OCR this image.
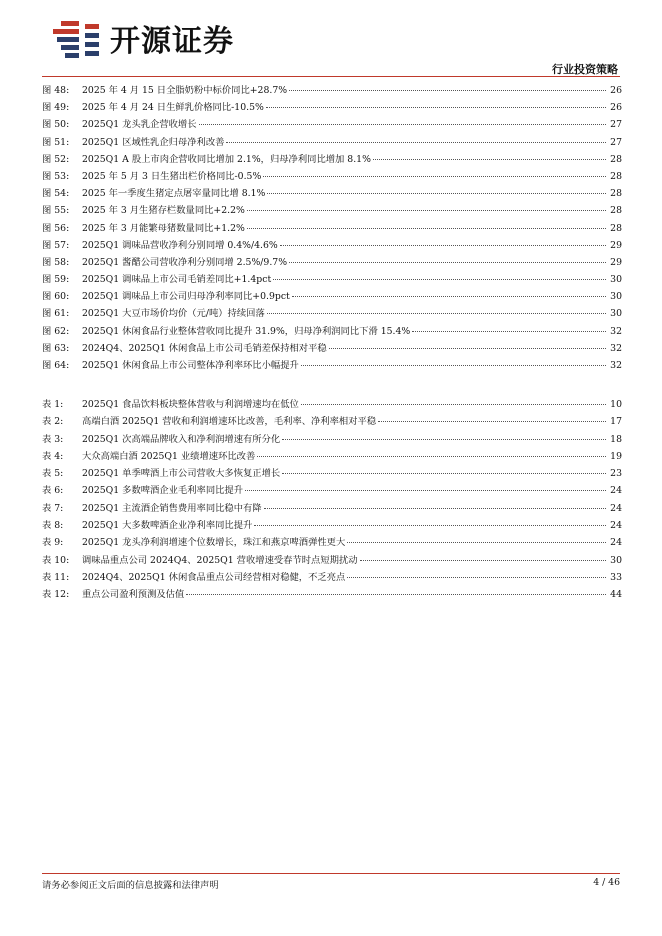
开源证券
行业投资策略
图 48:	2025 年 4 月 15 日全脂奶粉中标价同比+28.7%	26
图 49:	2025 年 4 月 24 日生鲜乳价格同比-10.5%	26
图 50:	2025Q1 龙头乳企营收增长	27
图 51:	2025Q1 区域性乳企归母净利改善	27
图 52:	2025Q1 A 股上市肉企营收同比增加 2.1%，归母净利同比增加 8.1%	28
图 53:	2025 年 5 月 3 日生猪出栏价格同比-0.5%	28
图 54:	2025 年一季度生猪定点屠宰量同比增 8.1%	28
图 55:	2025 年 3 月生猪存栏数量同比+2.2%	28
图 56:	2025 年 3 月能繁母猪数量同比+1.2%	28
图 57:	2025Q1 调味品营收净利分别同增 0.4%/4.6%	29
图 58:	2025Q1 酱醋公司营收净利分别同增 2.5%/9.7%	29
图 59:	2025Q1 调味品上市公司毛销差同比+1.4pct	30
图 60:	2025Q1 调味品上市公司归母净利率同比+0.9pct	30
图 61:	2025Q1 大豆市场价均价（元/吨）持续回落	30
图 62:	2025Q1 休闲食品行业整体营收同比提升 31.9%，归母净利润同比下滑 15.4%	32
图 63:	2024Q4、2025Q1 休闲食品上市公司毛销差保持相对平稳	32
图 64:	2025Q1 休闲食品上市公司整体净利率环比小幅提升	32
表 1:	2025Q1 食品饮料板块整体营收与利润增速均在低位	10
表 2:	高端白酒 2025Q1 营收和利润增速环比改善，毛利率、净利率相对平稳	17
表 3:	2025Q1 次高端品牌收入和净利润增速有所分化	18
表 4:	大众高端白酒 2025Q1 业绩增速环比改善	19
表 5:	2025Q1 单季啤酒上市公司营收大多恢复正增长	23
表 6:	2025Q1 多数啤酒企业毛利率同比提升	24
表 7:	2025Q1 主流酒企销售费用率同比稳中有降	24
表 8:	2025Q1 大多数啤酒企业净利率同比提升	24
表 9:	2025Q1 龙头净利润增速个位数增长，珠江和燕京啤酒弹性更大	24
表 10:	调味品重点公司 2024Q4、2025Q1 营收增速受春节时点短期扰动	30
表 11:	2024Q4、2025Q1 休闲食品重点公司经营相对稳健，不乏亮点	33
表 12:	重点公司盈利预测及估值	44
请务必参阅正文后面的信息披露和法律声明	4 / 46
